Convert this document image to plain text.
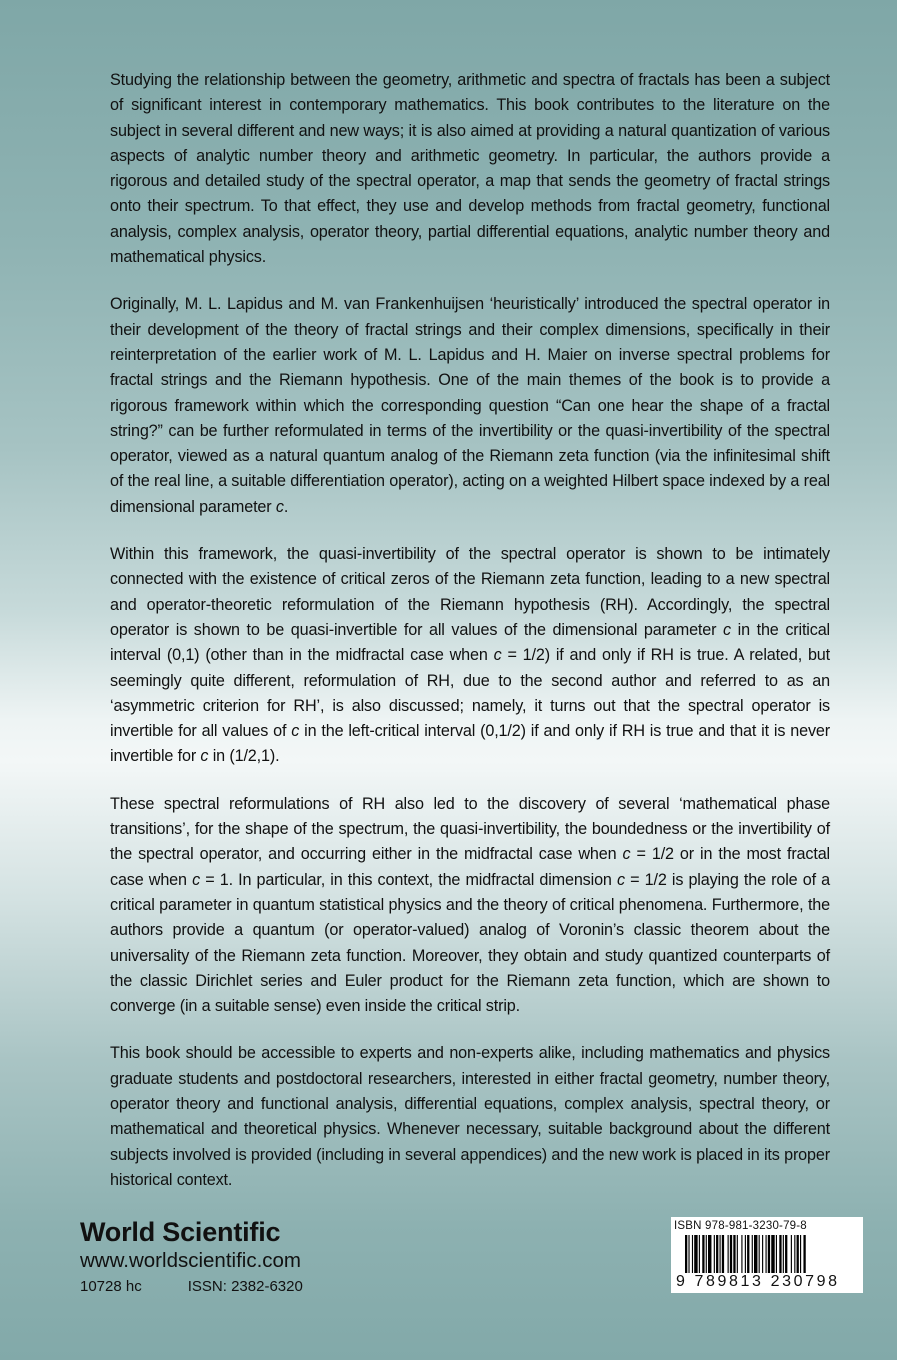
Studying the relationship between the geometry, arithmetic and spectra of fractals has been a subject of significant interest in contemporary mathematics. This book contributes to the literature on the subject in several different and new ways; it is also aimed at providing a natural quantization of various aspects of analytic number theory and arithmetic geometry. In particular, the authors provide a rigorous and detailed study of the spectral operator, a map that sends the geometry of fractal strings onto their spectrum. To that effect, they use and develop methods from fractal geometry, functional analysis, complex analysis, operator theory, partial differential equations, analytic number theory and mathematical physics.

Originally, M. L. Lapidus and M. van Frankenhuijsen ‘heuristically’ introduced the spectral operator in their development of the theory of fractal strings and their complex dimensions, specifically in their reinterpretation of the earlier work of M. L. Lapidus and H. Maier on inverse spectral problems for fractal strings and the Riemann hypothesis. One of the main themes of the book is to provide a rigorous framework within which the corresponding question “Can one hear the shape of a fractal string?” can be further reformulated in terms of the invertibility or the quasi-invertibility of the spectral operator, viewed as a natural quantum analog of the Riemann zeta function (via the infinitesimal shift of the real line, a suitable differentiation operator), acting on a weighted Hilbert space indexed by a real dimensional parameter c.

Within this framework, the quasi-invertibility of the spectral operator is shown to be intimately connected with the existence of critical zeros of the Riemann zeta function, leading to a new spectral and operator-theoretic reformulation of the Riemann hypothesis (RH). Accordingly, the spectral operator is shown to be quasi-invertible for all values of the dimensional parameter c in the critical interval (0,1) (other than in the midfractal case when c = 1/2) if and only if RH is true. A related, but seemingly quite different, reformulation of RH, due to the second author and referred to as an ‘asymmetric criterion for RH’, is also discussed; namely, it turns out that the spectral operator is invertible for all values of c in the left-critical interval (0,1/2) if and only if RH is true and that it is never invertible for c in (1/2,1).

These spectral reformulations of RH also led to the discovery of several ‘mathematical phase transitions’, for the shape of the spectrum, the quasi-invertibility, the boundedness or the invertibility of the spectral operator, and occurring either in the midfractal case when c = 1/2 or in the most fractal case when c = 1. In particular, in this context, the midfractal dimension c = 1/2 is playing the role of a critical parameter in quantum statistical physics and the theory of critical phenomena. Furthermore, the authors provide a quantum (or operator-valued) analog of Voronin’s classic theorem about the universality of the Riemann zeta function. Moreover, they obtain and study quantized counterparts of the classic Dirichlet series and Euler product for the Riemann zeta function, which are shown to converge (in a suitable sense) even inside the critical strip.

This book should be accessible to experts and non-experts alike, including mathematics and physics graduate students and postdoctoral researchers, interested in either fractal geometry, number theory, operator theory and functional analysis, differential equations, complex analysis, spectral theory, or mathematical and theoretical physics. Whenever necessary, suitable background about the different subjects involved is provided (including in several appendices) and the new work is placed in its proper historical context.

World Scientific
www.worldscientific.com
10728 hc	ISSN: 2382-6320
ISBN 978-981-3230-79-8
9 789813 230798
